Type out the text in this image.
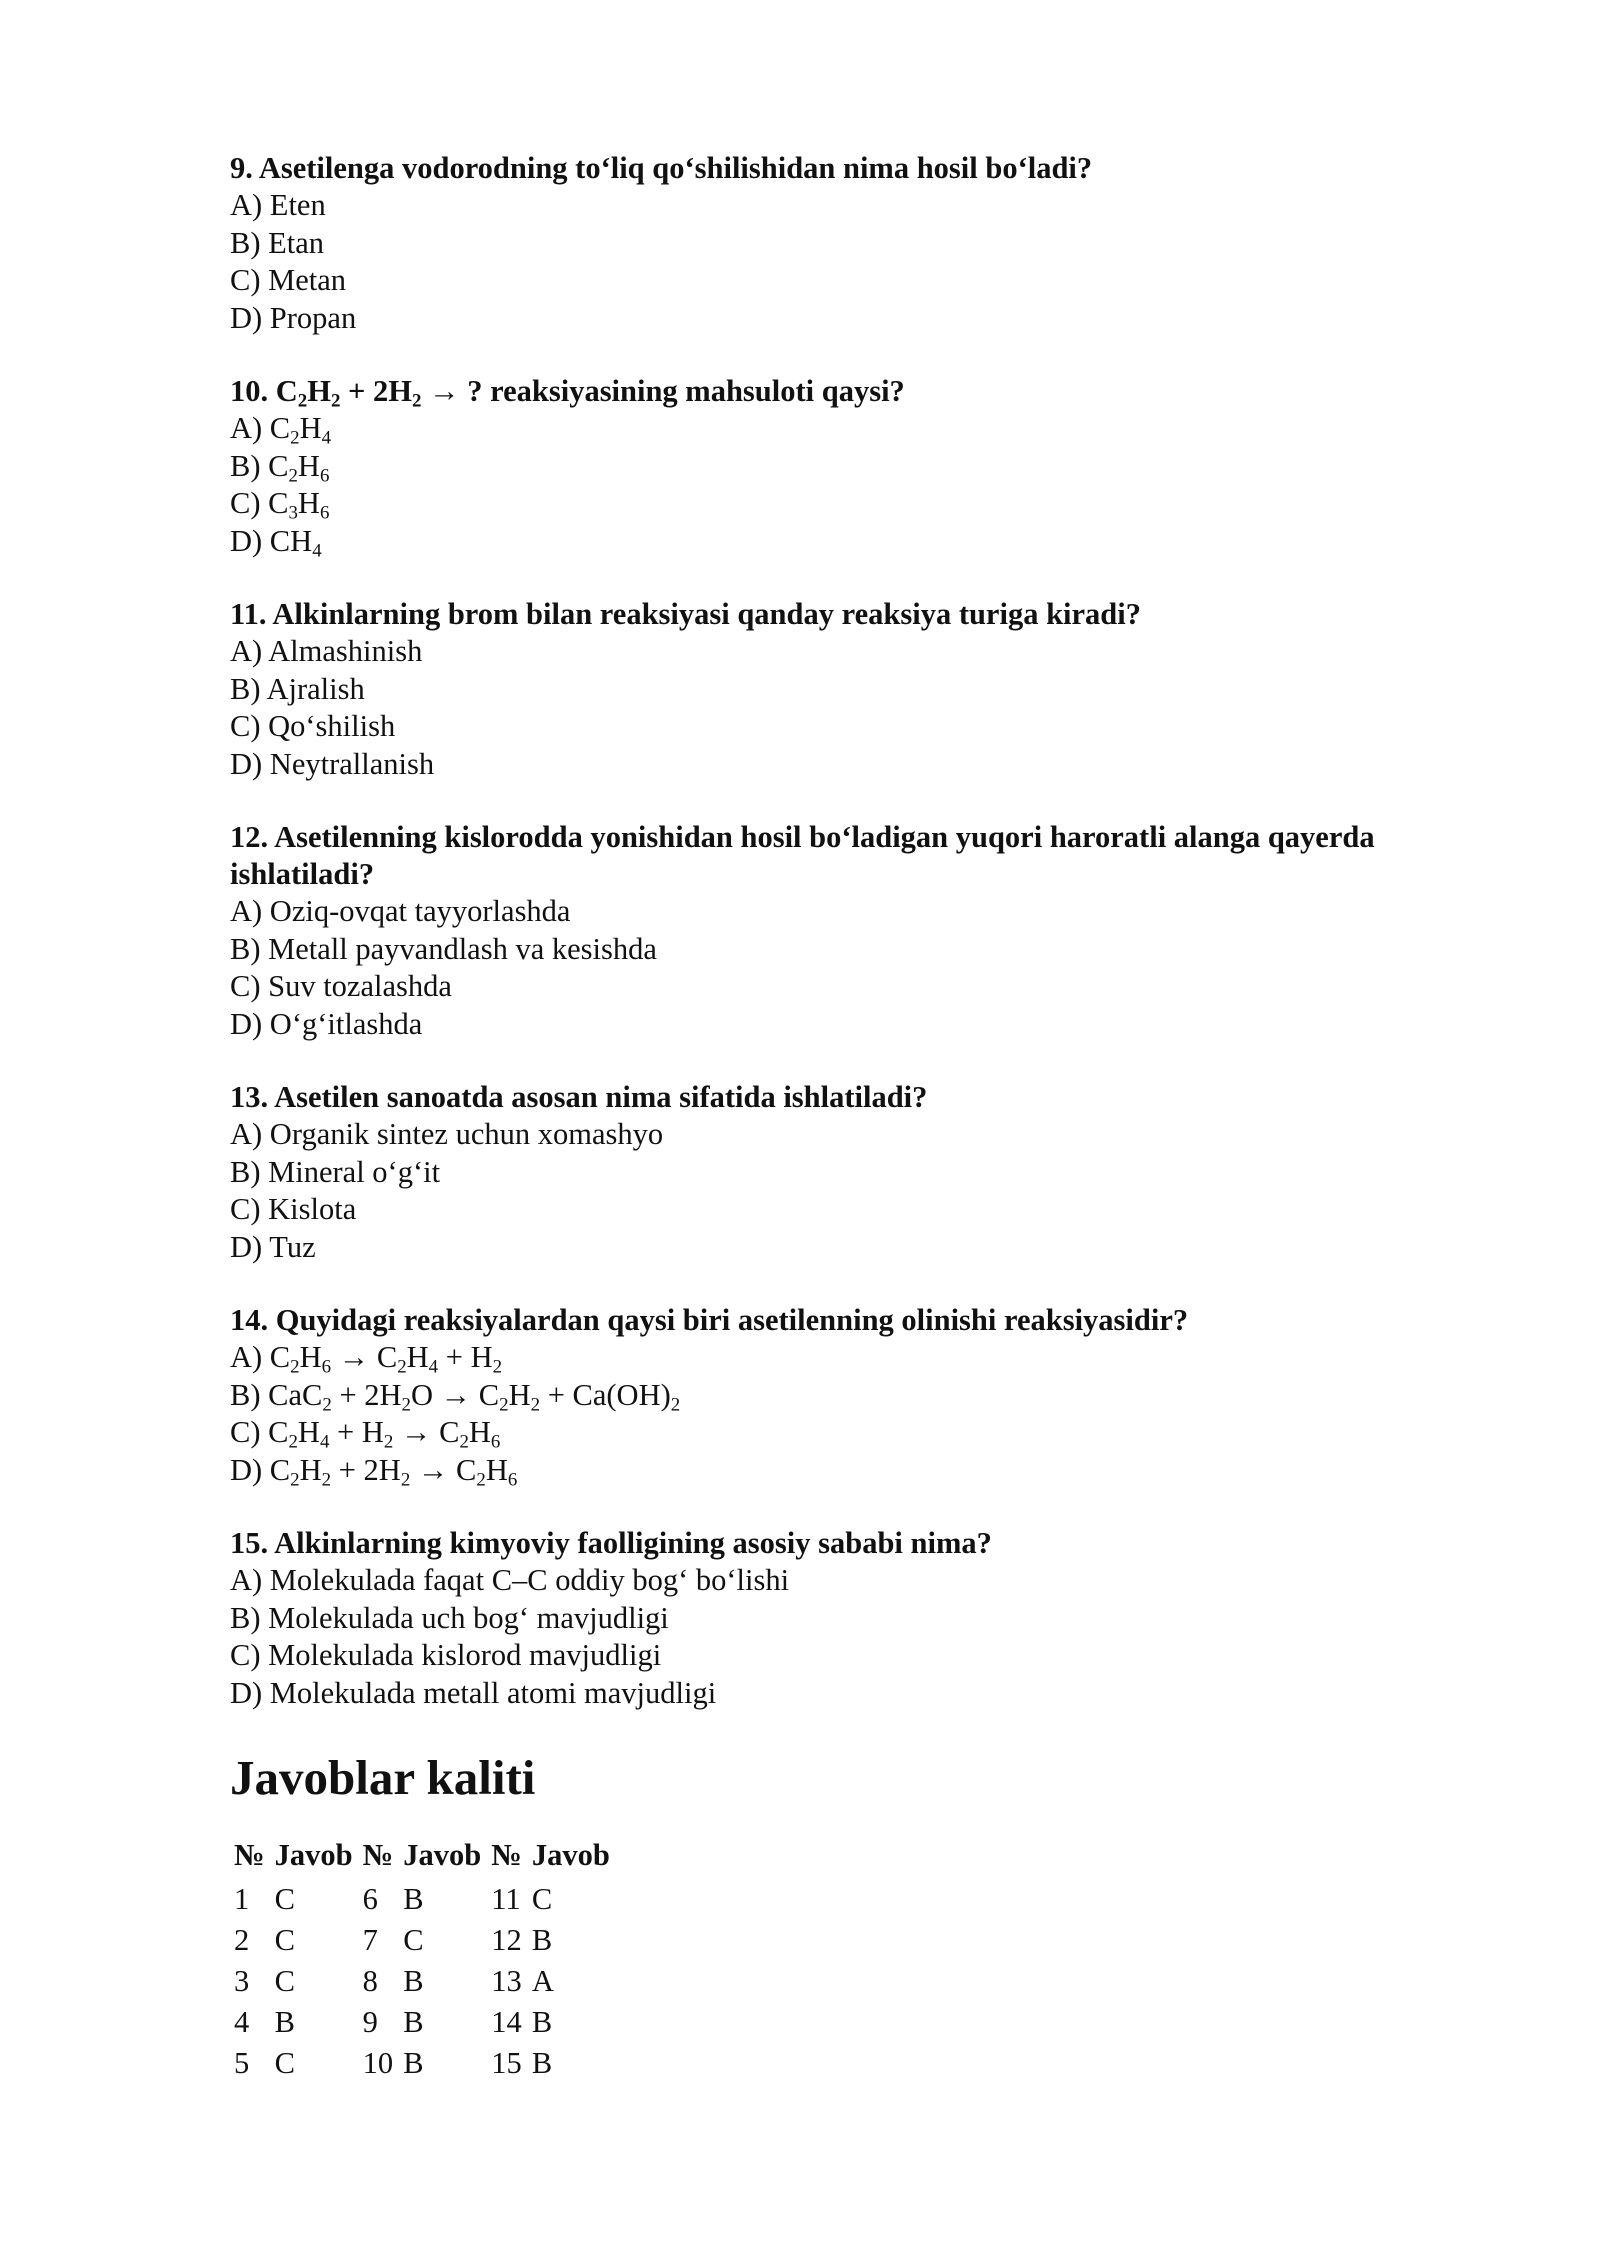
9. Asetilenga vodorodning to‘liq qo‘shilishidan nima hosil bo‘ladi?
A) Eten
B) Etan
C) Metan
D) Propan
10. $C_2H_2 + 2H_2$ → ? reaksiyasining mahsuloti qaysi?
A) $C_2H_4$
B) $C_2H_6$
C) $C_3H_6$
D) $CH_4$
11. Alkinlarning brom bilan reaksiyasi qanday reaksiya turiga kiradi?
A) Almashinish
B) Ajralish
C) Qo‘shilish
D) Neytrallanish
12. Asetilenning kislorodda yonishidan hosil bo‘ladigan yuqori haroratli alanga qayerda ishlatiladi?
A) Oziq-ovqat tayyorlashda
B) Metall payvandlash va kesishda
C) Suv tozalashda
D) O‘g‘itlashda
13. Asetilen sanoatda asosan nima sifatida ishlatiladi?
A) Organik sintez uchun xomashyo
B) Mineral o‘g‘it
C) Kislota
D) Tuz
14. Quyidagi reaksiyalardan qaysi biri asetilenning olinishi reaksiyasidir?
A) $C_2H_6 \to C_2H_4 + H_2$
B) $CaC_2 + 2H_2O \to C_2H_2 + Ca(OH)_2$
C) $C_2H_4 + H_2 \to C_2H_6$
D) $C_2H_2 + 2H_2 \to C_2H_6$
15. Alkinlarning kimyoviy faolligining asosiy sababi nima?
A) Molekulada faqat C–C oddiy bog‘ bo‘lishi
B) Molekulada uch bog‘ mavjudligi
C) Molekulada kislorod mavjudligi
D) Molekulada metall atomi mavjudligi
Javoblar kaliti
№	Javob	№	Javob	№	Javob
1	C	6	B	11	C
2	C	7	C	12	B
3	C	8	B	13	A
4	B	9	B	14	B
5	C	10	B	15	B
